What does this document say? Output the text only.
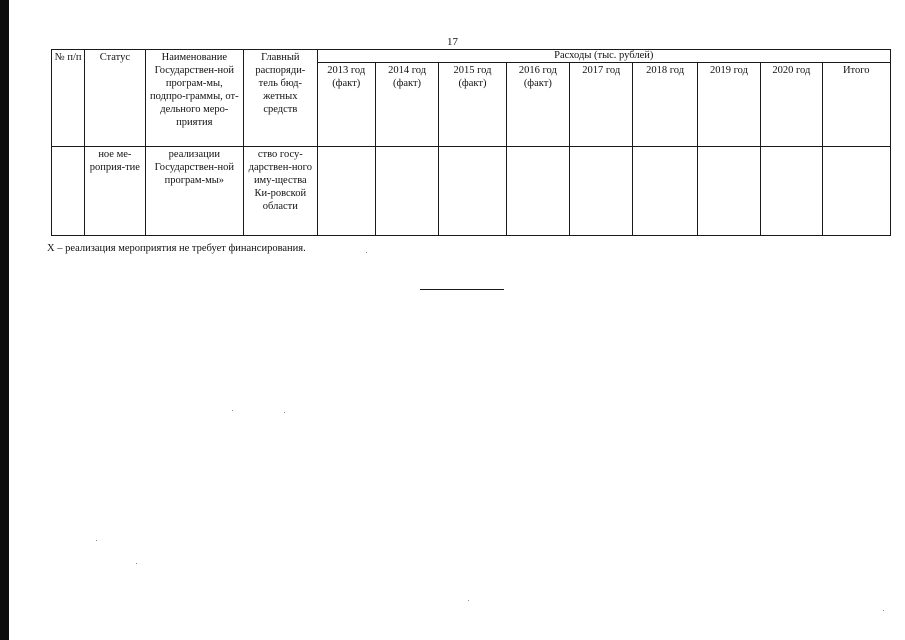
17
№ п/п	Статус	Наименование Государствен-ной програм-мы, подпро-граммы, от-дельного меро-приятия	Главный распоряди-тель бюд-жетных средств	Расходы (тыс. рублей)								
				2013 год (факт)	2014 год (факт)	2015 год (факт)	2016 год (факт)	2017 год	2018 год	2019 год	2020 год	Итого
	ное ме-роприя-тие	реализации Государствен-ной програм-мы»	ство госу-дарствен-ного иму-щества Ки-ровской области									
X – реализация мероприятия не требует финансирования.
